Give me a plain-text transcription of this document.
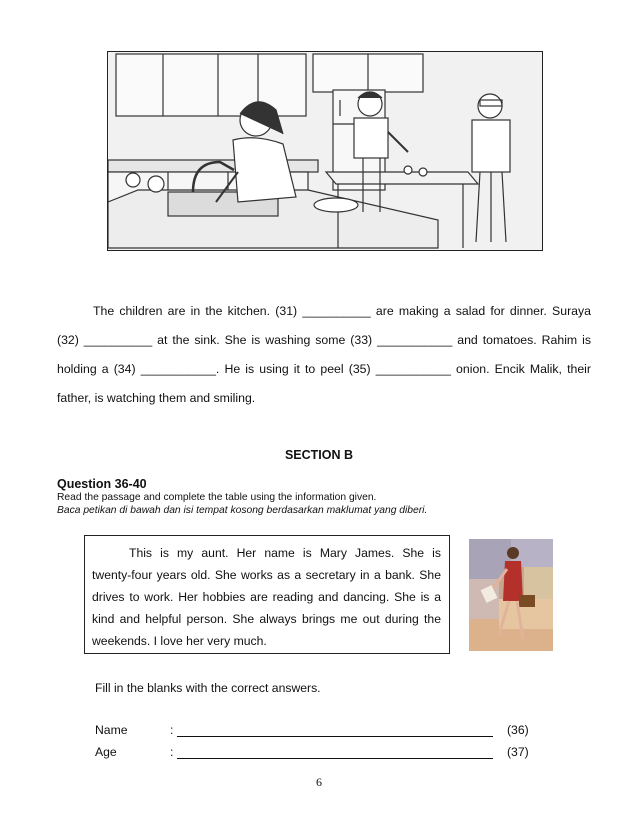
The children are in the kitchen. (31) __________ are making a salad for dinner. Suraya
(32) __________ at the sink. She is washing some (33) ___________ and tomatoes. Rahim is
holding a (34) ___________. He is using it to peel (35) ___________ onion. Encik Malik, their
father, is watching them and smiling.
SECTION B
Question 36-40
Read the passage and complete the table using the information given.
Baca petikan di bawah dan isi tempat kosong berdasarkan maklumat yang diberi.
This is my aunt. Her name is Mary James. She is
twenty-four years old. She works as a secretary in a bank. She
drives to work. Her hobbies are reading and dancing. She is a
kind and helpful person. She always brings me out during the
weekends. I love her very much.
Fill in the blanks with the correct answers.
Name	:	(36)
Age	:	(37)
6
